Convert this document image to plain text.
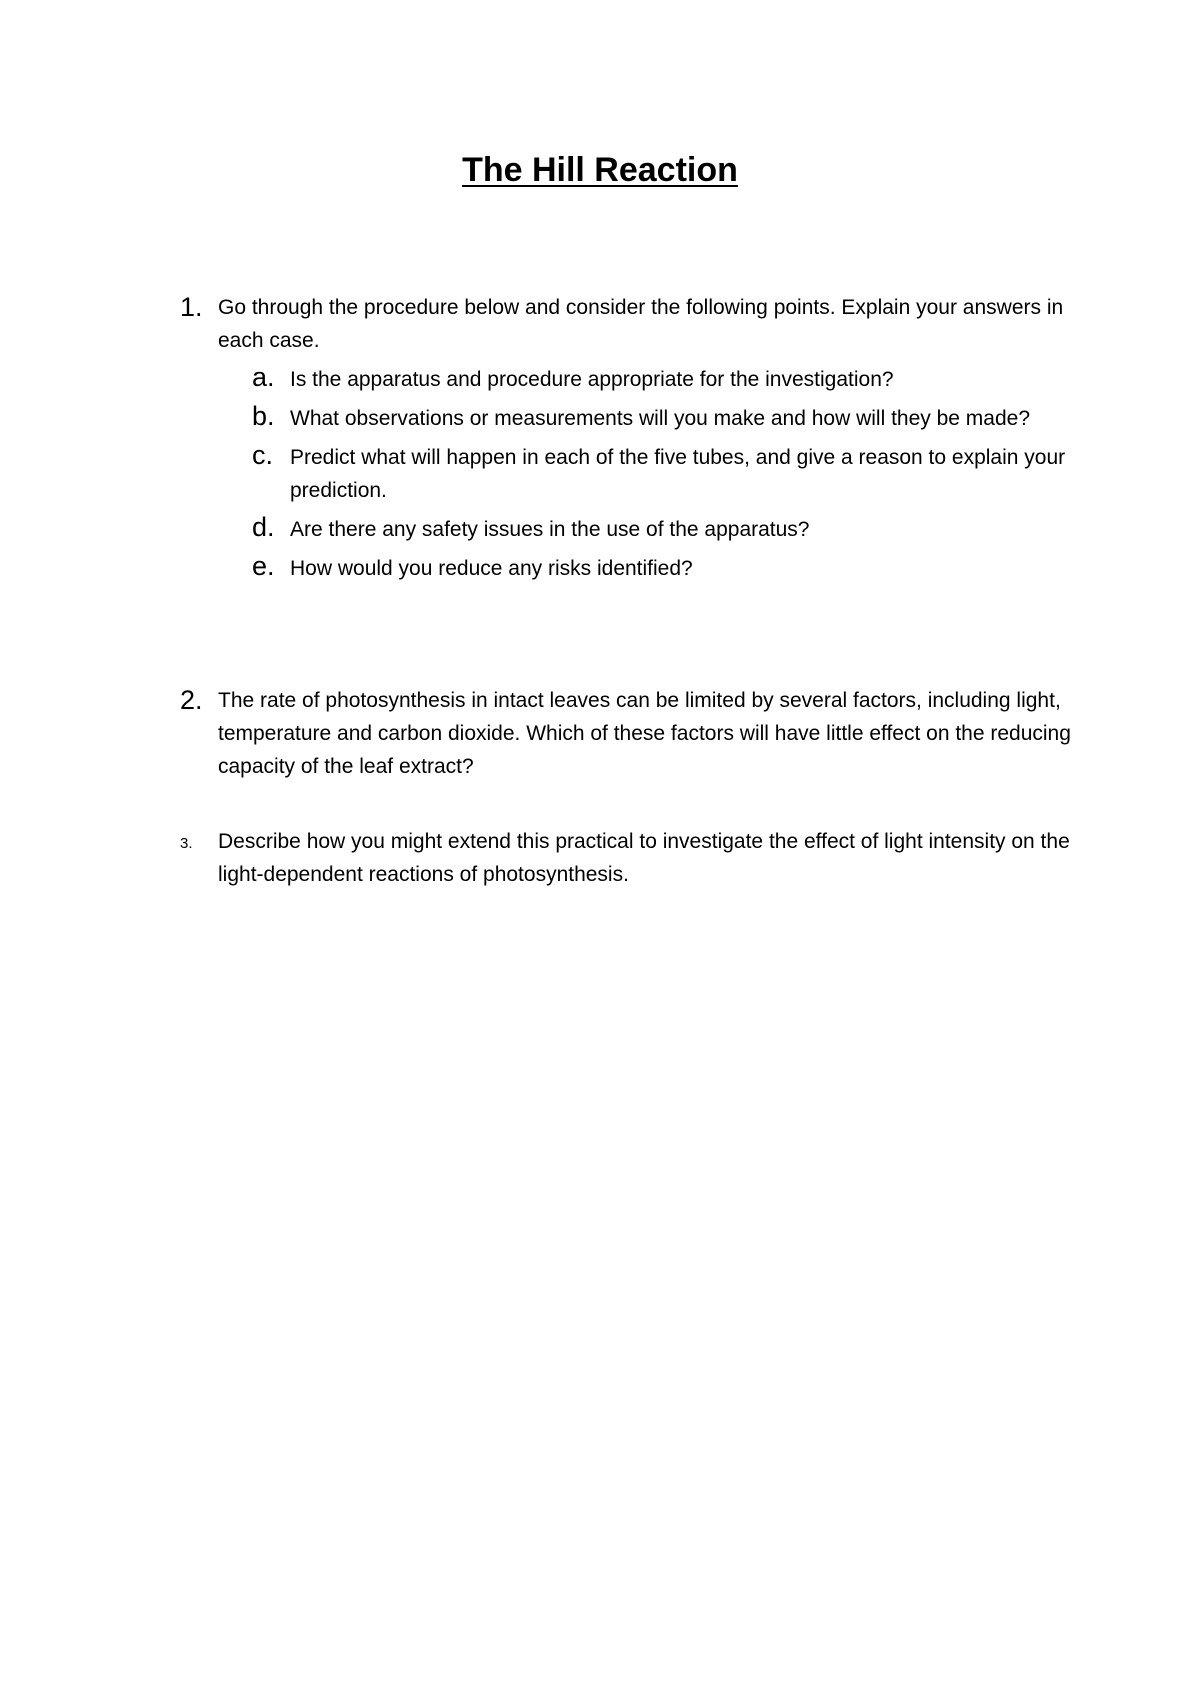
The Hill Reaction
1. Go through the procedure below and consider the following points. Explain your answers in each case.
a. Is the apparatus and procedure appropriate for the investigation?
b. What observations or measurements will you make and how will they be made?
c. Predict what will happen in each of the five tubes, and give a reason to explain your prediction.
d. Are there any safety issues in the use of the apparatus?
e. How would you reduce any risks identified?
2. The rate of photosynthesis in intact leaves can be limited by several factors, including light, temperature and carbon dioxide. Which of these factors will have little effect on the reducing capacity of the leaf extract?
3. Describe how you might extend this practical to investigate the effect of light intensity on the light-dependent reactions of photosynthesis.
